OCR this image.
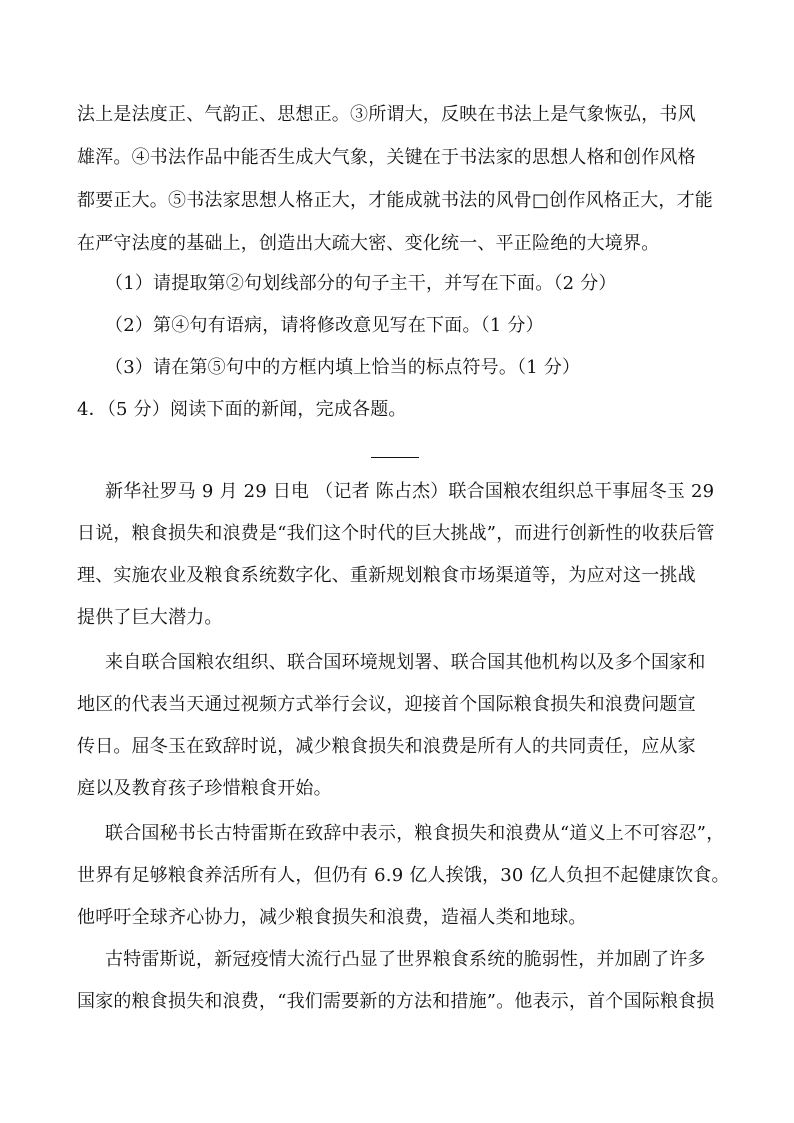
法上是法度正、气韵正、思想正。③所谓大，反映在书法上是气象恢弘，书风
雄浑。④书法作品中能否生成大气象，关键在于书法家的思想人格和创作风格
都要正大。⑤书法家思想人格正大，才能成就书法的风骨□创作风格正大，才能
在严守法度的基础上，创造出大疏大密、变化统一、平正险绝的大境界。
（1）请提取第②句划线部分的句子主干，并写在下面。（2 分）
（2）第④句有语病，请将修改意见写在下面。（1 分）
（3）请在第⑤句中的方框内填上恰当的标点符号。（1 分）
4．（5 分）阅读下面的新闻，完成各题。
新华社罗马 9 月 29 日电 （记者 陈占杰）联合国粮农组织总干事屈冬玉 29
日说，粮食损失和浪费是“我们这个时代的巨大挑战”，而进行创新性的收获后管
理、实施农业及粮食系统数字化、重新规划粮食市场渠道等，为应对这一挑战
提供了巨大潜力。
来自联合国粮农组织、联合国环境规划署、联合国其他机构以及多个国家和
地区的代表当天通过视频方式举行会议，迎接首个国际粮食损失和浪费问题宣
传日。屈冬玉在致辞时说，减少粮食损失和浪费是所有人的共同责任，应从家
庭以及教育孩子珍惜粮食开始。
联合国秘书长古特雷斯在致辞中表示，粮食损失和浪费从“道义上不可容忍”，
世界有足够粮食养活所有人，但仍有 6.9 亿人挨饿，30 亿人负担不起健康饮食。
他呼吁全球齐心协力，减少粮食损失和浪费，造福人类和地球。
古特雷斯说，新冠疫情大流行凸显了世界粮食系统的脆弱性，并加剧了许多
国家的粮食损失和浪费，“我们需要新的方法和措施”。他表示，首个国际粮食损
